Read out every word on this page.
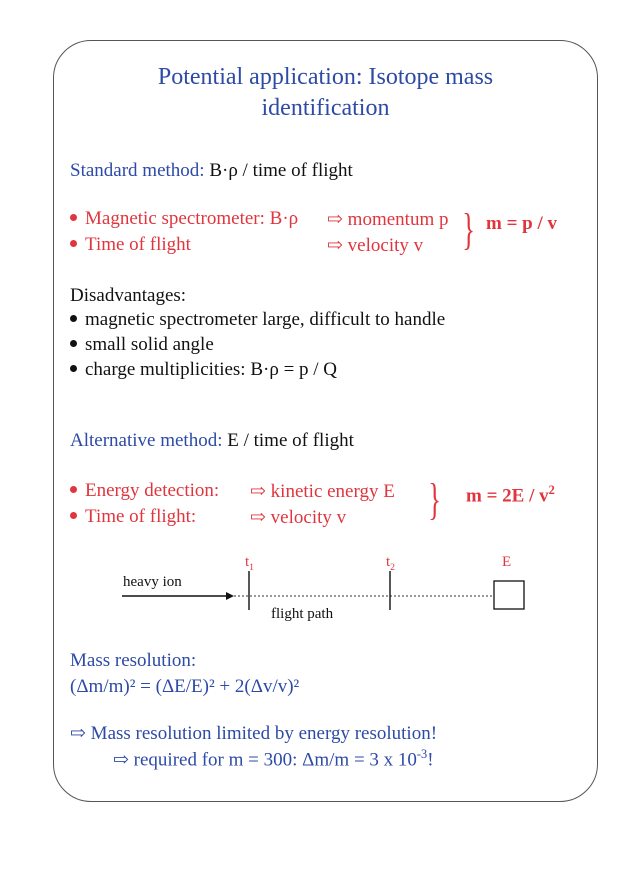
Potential application: Isotope mass
identification
Standard method: B·ρ / time of flight
Magnetic spectrometer: B·ρ ⇨ momentum p
Time of flight	⇨ velocity v } m = p / v
Disadvantages:
magnetic spectrometer large, difficult to handle
small solid angle
charge multiplicities: B·ρ = p / Q
Alternative method: E / time of flight
Energy detection: ⇨ kinetic energy E
Time of flight:	⇨ velocity v } $m = 2E / v^2$
heavy ion
$t_1$	$t_2$	E
flight path
Mass resolution:
(Δm/m)² = (ΔE/E)² + 2(Δv/v)²
⇨ Mass resolution limited by energy resolution!
⇨ required for m = 300: Δm/m = 3 x $10^{-3}$!
